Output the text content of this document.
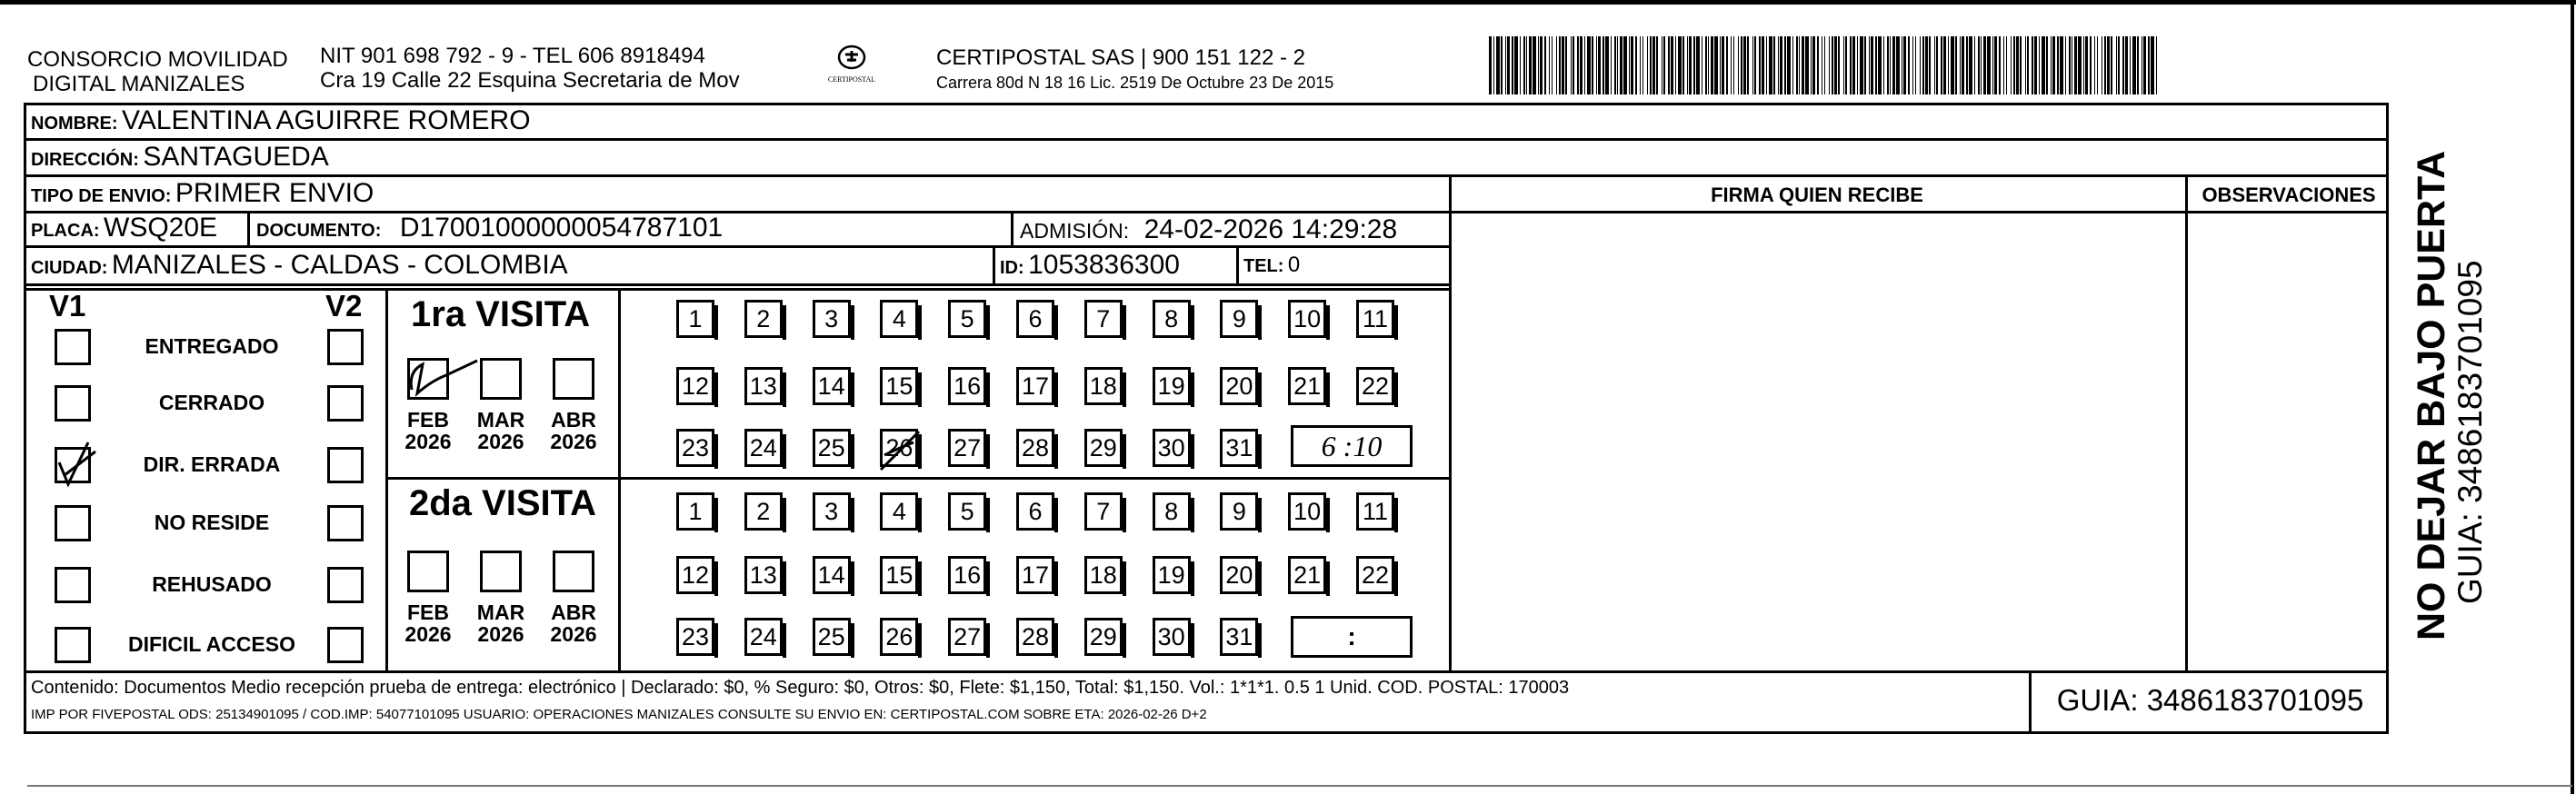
CONSORCIO MOVILIDAD
DIGITAL MANIZALES
NIT 901 698 792 - 9 - TEL 606 8918494
Cra 19 Calle 22 Esquina Secretaria de Mov	CERTIPOSTAL
CERTIPOSTAL SAS | 900 151 122 - 2
Carrera 80d N 18 16 Lic. 2519 De Octubre 23 De 2015
NOMBRE: VALENTINA AGUIRRE ROMERO
DIRECCIÓN: SANTAGUEDA
TIPO DE ENVIO: PRIMER ENVIO
PLACA: WSQ20E DOCUMENTO: D17001000000054787101	ADMISIÓN: 24-02-2026 14:29:28
CIUDAD: MANIZALES - CALDAS - COLOMBIA	ID: 1053836300	TEL: 0
FIRMA QUIEN RECIBE	OBSERVACIONES
V1	V2
ENTREGADO
CERRADO
DIR. ERRADA
NO RESIDE
REHUSADO
DIFICIL ACCESO
1ra VISITA
2da VISITA
FEB
2026
MAR
2026
ABR
2026
FEB
2026
MAR
2026
ABR
2026
1	2	3	4	5	6	7	8	9	10 11
12 13 14 15 16 17 18 19 20 21 22
23 24 25 26 27 28 29 30 31
1	2	3	4	5	6	7	8	9	10 11
12 13 14 15 16 17 18 19 20 21 22
23 24 25 26 27 28 29 30 31
6 :10
:
Contenido: Documentos Medio recepción prueba de entrega: electrónico | Declarado: $0, % Seguro: $0, Otros: $0, Flete: $1,150, Total: $1,150. Vol.: 1*1*1. 0.5 1 Unid. COD. POSTAL: 170003
IMP POR FIVEPOSTAL ODS: 25134901095 / COD.IMP: 54077101095 USUARIO: OPERACIONES MANIZALES CONSULTE SU ENVIO EN: CERTIPOSTAL.COM SOBRE ETA: 2026-02-26 D+2	GUIA: 3486183701095
NO DEJAR BAJO PUERTA
GUIA: 3486183701095
